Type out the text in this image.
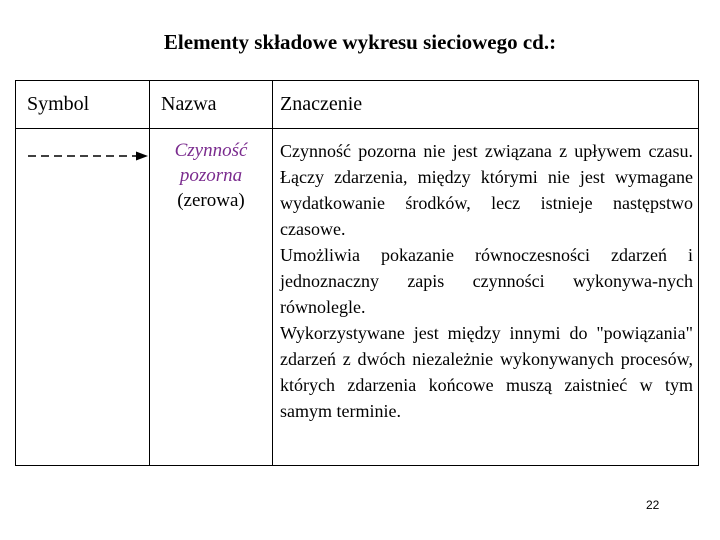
Elementy składowe wykresu sieciowego cd.:
Symbol	Nazwa	Znaczenie
Czynność
pozorna
(zerowa)

Czynność pozorna nie jest związana z upływem czasu. Łączy zdarzenia, między którymi nie jest wymagane wydatkowanie środków, lecz istnieje następstwo czasowe.

Umożliwia pokazanie równoczesności zdarzeń i jednoznaczny zapis czynności wykonywa-nych równolegle.

Wykorzystywane jest między innymi do "powiązania" zdarzeń z dwóch niezależnie wykonywanych procesów, których zdarzenia końcowe muszą zaistnieć w tym samym terminie.

22
